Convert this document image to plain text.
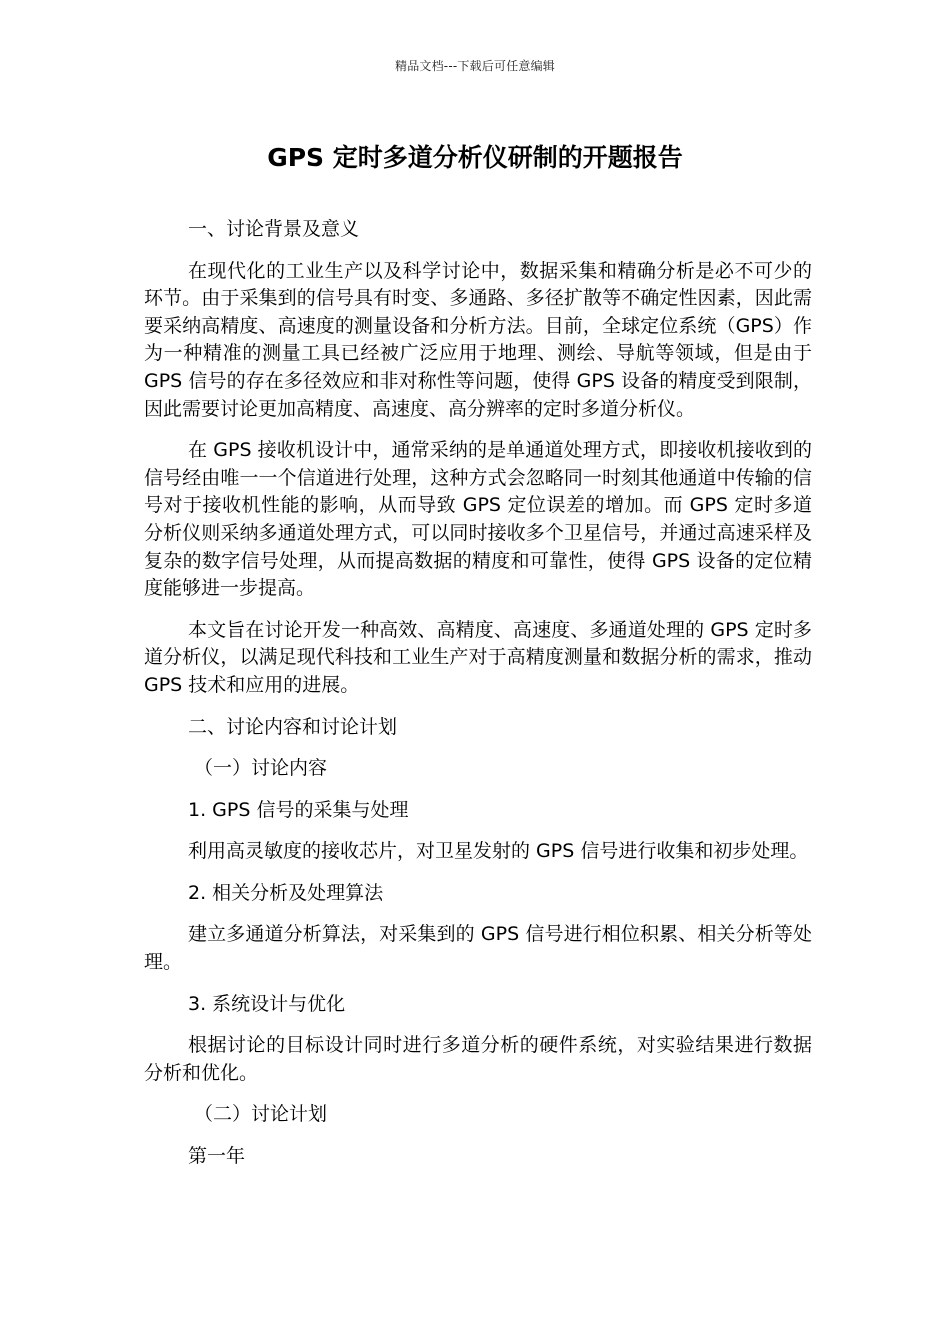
精品文档---下载后可任意编辑
GPS 定时多道分析仪研制的开题报告

一、讨论背景及意义

在现代化的工业生产以及科学讨论中，数据采集和精确分析是必不可少的环节。由于采集到的信号具有时变、多通路、多径扩散等不确定性因素，因此需要采纳高精度、高速度的测量设备和分析方法。目前，全球定位系统（GPS）作为一种精准的测量工具已经被广泛应用于地理、测绘、导航等领域，但是由于 GPS 信号的存在多径效应和非对称性等问题，使得 GPS 设备的精度受到限制，因此需要讨论更加高精度、高速度、高分辨率的定时多道分析仪。

在 GPS 接收机设计中，通常采纳的是单通道处理方式，即接收机接收到的信号经由唯一一个信道进行处理，这种方式会忽略同一时刻其他通道中传输的信号对于接收机性能的影响，从而导致 GPS 定位误差的增加。而 GPS 定时多道分析仪则采纳多通道处理方式，可以同时接收多个卫星信号，并通过高速采样及复杂的数字信号处理，从而提高数据的精度和可靠性，使得 GPS 设备的定位精度能够进一步提高。

本文旨在讨论开发一种高效、高精度、高速度、多通道处理的 GPS 定时多道分析仪，以满足现代科技和工业生产对于高精度测量和数据分析的需求，推动 GPS 技术和应用的进展。

二、讨论内容和讨论计划

（一）讨论内容

1. GPS 信号的采集与处理

利用高灵敏度的接收芯片，对卫星发射的 GPS 信号进行收集和初步处理。

2. 相关分析及处理算法

建立多通道分析算法，对采集到的 GPS 信号进行相位积累、相关分析等处理。

3. 系统设计与优化

根据讨论的目标设计同时进行多道分析的硬件系统，对实验结果进行数据分析和优化。

（二）讨论计划

第一年
